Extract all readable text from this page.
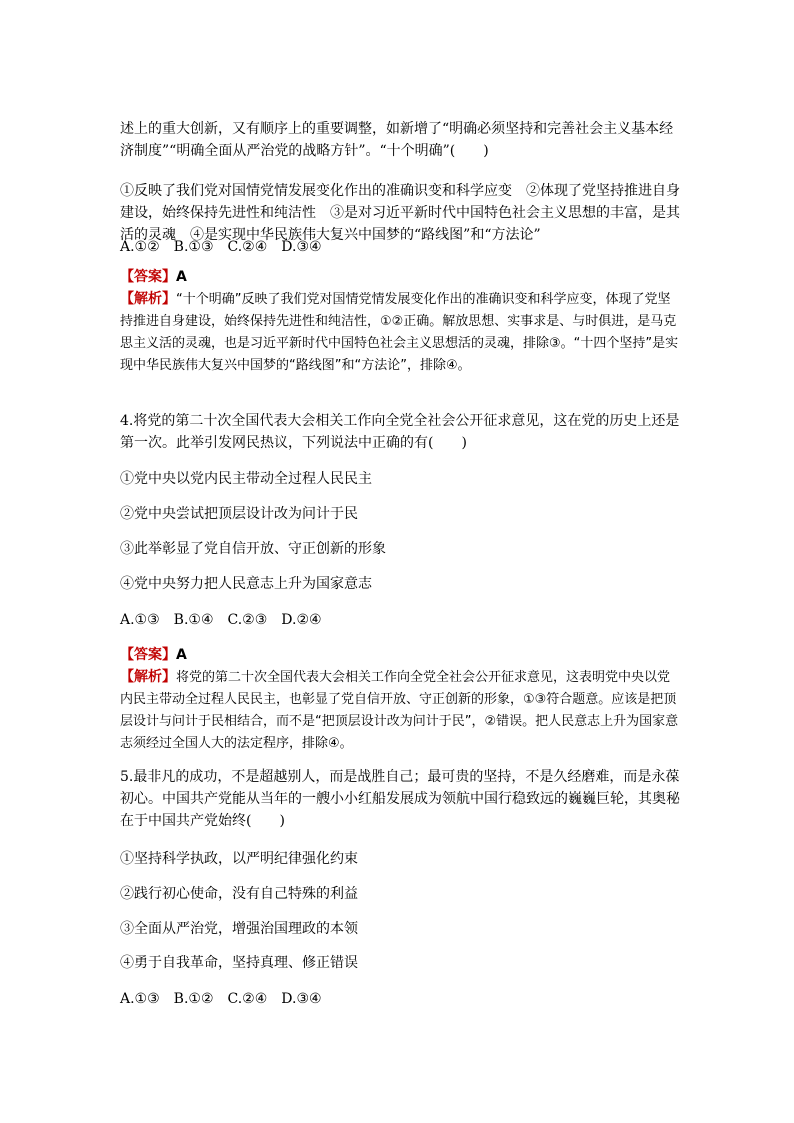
述上的重大创新，又有顺序上的重要调整，如新增了“明确必须坚持和完善社会主义基本经济制度”“明确全面从严治党的战略方针”。“十个明确”(　　)

①反映了我们党对国情党情发展变化作出的准确识变和科学应变　②体现了党坚持推进自身建设，始终保持先进性和纯洁性　③是对习近平新时代中国特色社会主义思想的丰富，是其活的灵魂　④是实现中华民族伟大复兴中国梦的“路线图”和“方法论”

A.①②　B.①③　C.②④　D.③④

【答案】A

【解析】“十个明确”反映了我们党对国情党情发展变化作出的准确识变和科学应变，体现了党坚持推进自身建设，始终保持先进性和纯洁性，①②正确。解放思想、实事求是、与时俱进，是马克思主义活的灵魂，也是习近平新时代中国特色社会主义思想活的灵魂，排除③。“十四个坚持”是实现中华民族伟大复兴中国梦的“路线图”和“方法论”，排除④。

4.将党的第二十次全国代表大会相关工作向全党全社会公开征求意见，这在党的历史上还是第一次。此举引发网民热议，下列说法中正确的有(　　)

①党中央以党内民主带动全过程人民民主

②党中央尝试把顶层设计改为问计于民

③此举彰显了党自信开放、守正创新的形象

④党中央努力把人民意志上升为国家意志

A.①③　B.①④　C.②③　D.②④

【答案】A

【解析】将党的第二十次全国代表大会相关工作向全党全社会公开征求意见，这表明党中央以党内民主带动全过程人民民主，也彰显了党自信开放、守正创新的形象，①③符合题意。应该是把顶层设计与问计于民相结合，而不是“把顶层设计改为问计于民”，②错误。把人民意志上升为国家意志须经过全国人大的法定程序，排除④。

5.最非凡的成功，不是超越别人，而是战胜自己；最可贵的坚持，不是久经磨难，而是永葆初心。中国共产党能从当年的一艘小小红船发展成为领航中国行稳致远的巍巍巨轮，其奥秘在于中国共产党始终(　　)

①坚持科学执政，以严明纪律强化约束

②践行初心使命，没有自己特殊的利益

③全面从严治党，增强治国理政的本领

④勇于自我革命，坚持真理、修正错误

A.①③　B.①②　C.②④　D.③④
